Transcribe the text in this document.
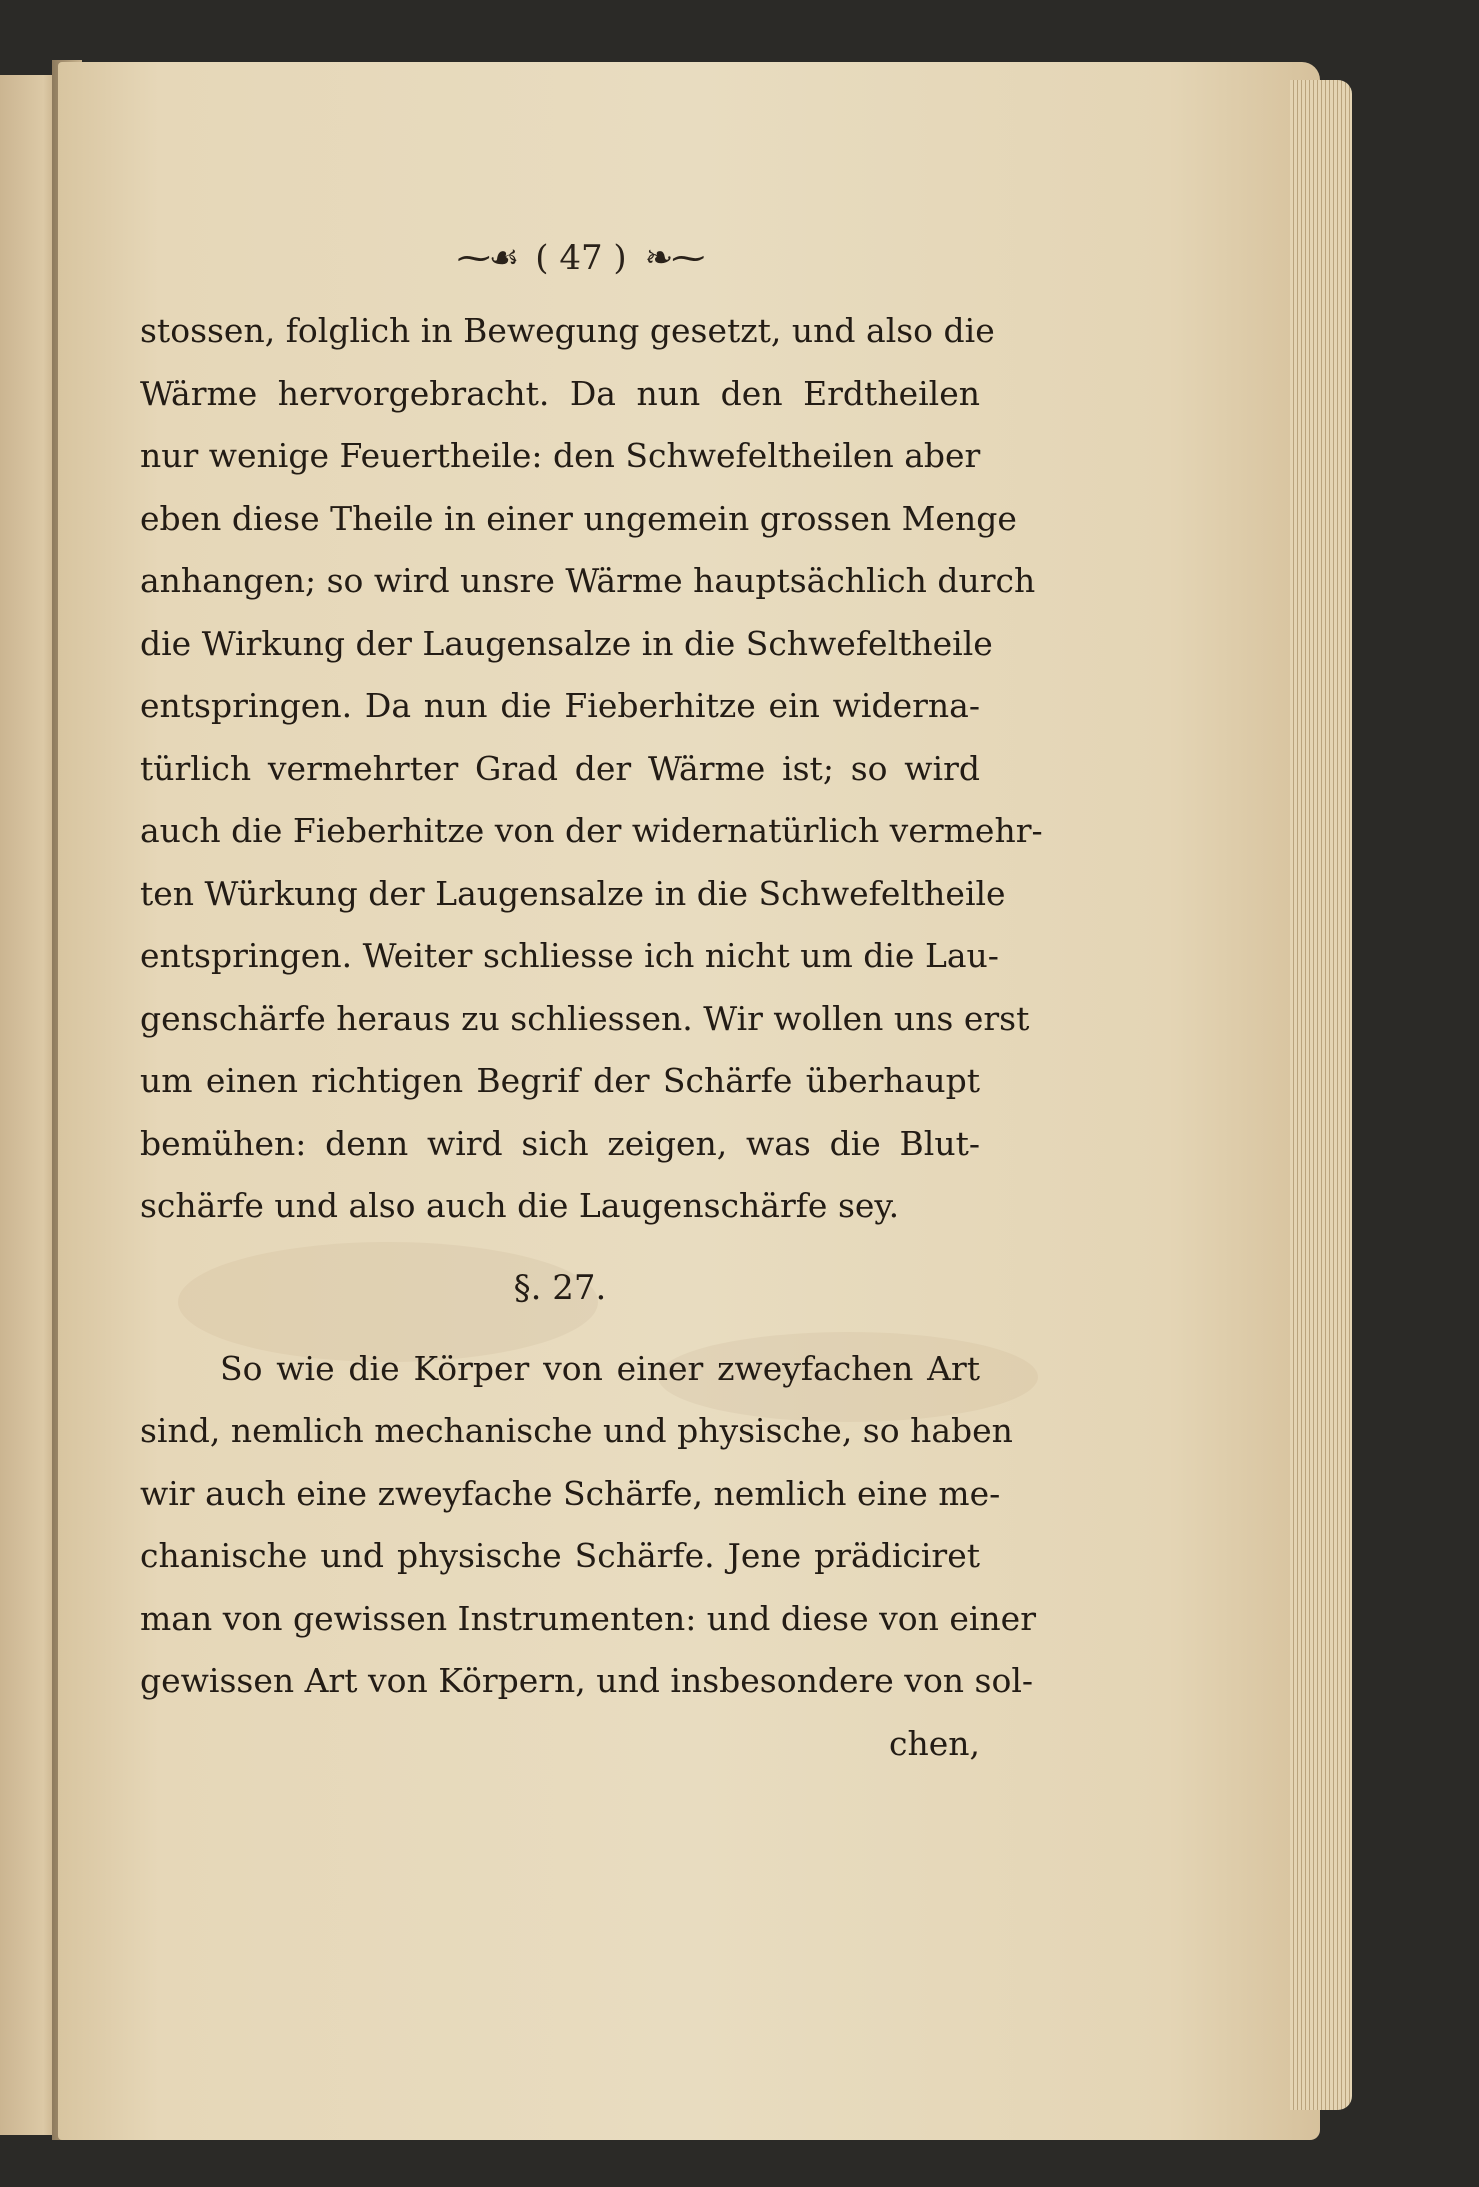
⁓☙ ( 47 ) ❧⁓
stossen, folglich in Bewegung gesetzt, und also die
Wärme hervorgebracht. Da nun den Erdtheilen
nur wenige Feuertheile: den Schwefeltheilen aber
eben diese Theile in einer ungemein grossen Menge
anhangen; so wird unsre Wärme hauptsächlich durch
die Wirkung der Laugensalze in die Schwefeltheile
entspringen. Da nun die Fieberhitze ein widerna-
türlich vermehrter Grad der Wärme ist; so wird
auch die Fieberhitze von der widernatürlich vermehr-
ten Würkung der Laugensalze in die Schwefeltheile
entspringen. Weiter schliesse ich nicht um die Lau-
genschärfe heraus zu schliessen. Wir wollen uns erst
um einen richtigen Begrif der Schärfe überhaupt
bemühen: denn wird sich zeigen, was die Blut-
schärfe und also auch die Laugenschärfe sey.
§. 27.
So wie die Körper von einer zweyfachen Art
sind, nemlich mechanische und physische, so haben
wir auch eine zweyfache Schärfe, nemlich eine me-
chanische und physische Schärfe. Jene prädiciret
man von gewissen Instrumenten: und diese von einer
gewissen Art von Körpern, und insbesondere von sol-
chen,
